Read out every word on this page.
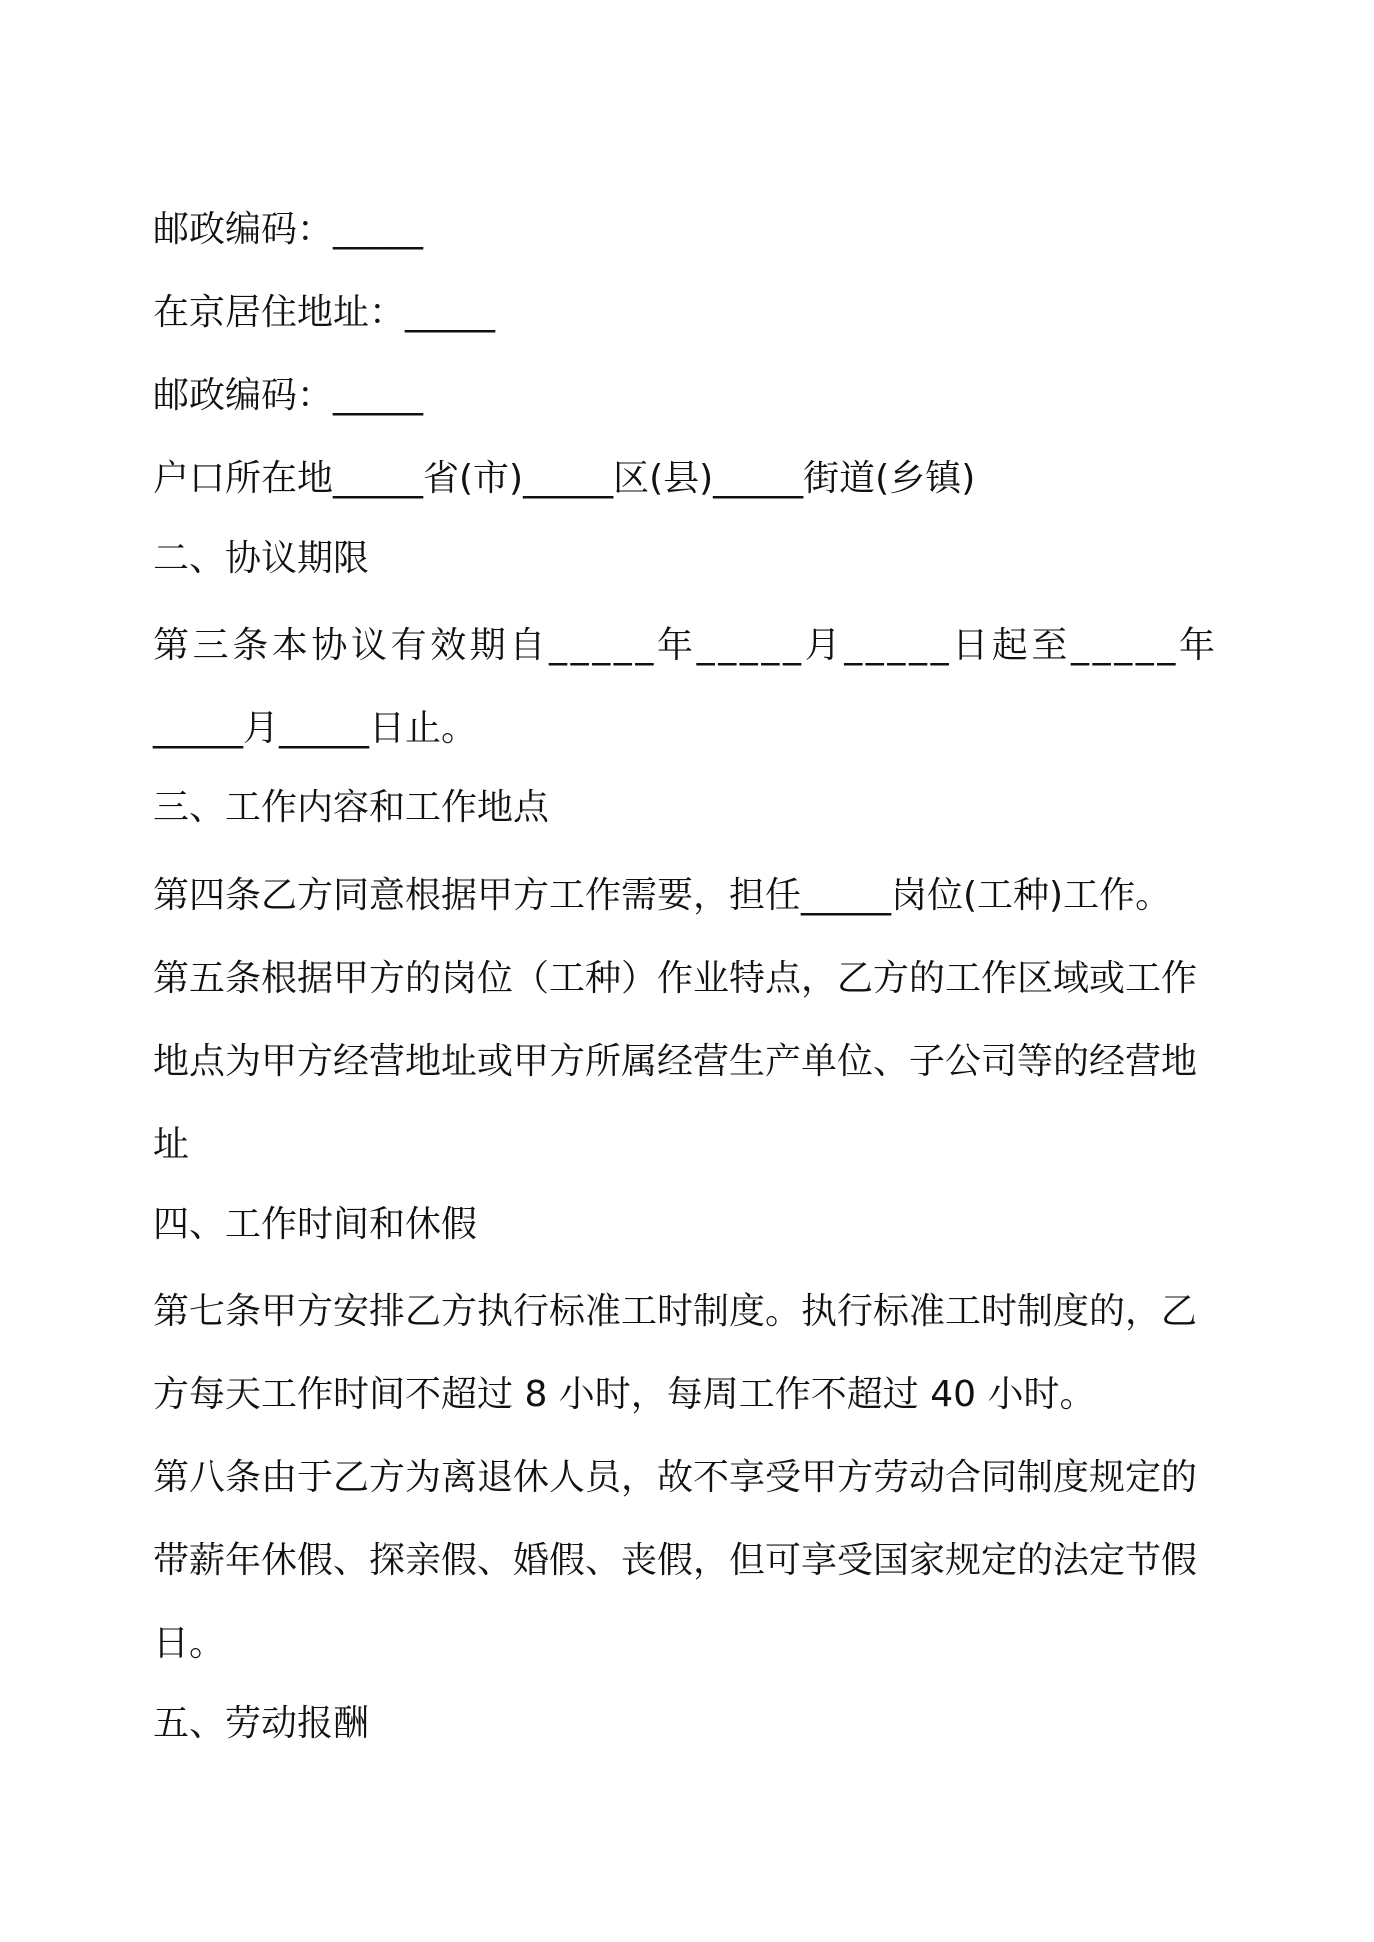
邮政编码：_____

在京居住地址：_____

邮政编码：_____

户口所在地_____省(市)_____区(县)_____街道(乡镇)

二、协议期限

第三条本协议有效期自_____年_____月_____日起至_____年

_____月_____日止。

三、工作内容和工作地点

第四条乙方同意根据甲方工作需要，担任_____岗位(工种)工作。

第五条根据甲方的岗位（工种）作业特点，乙方的工作区域或工作

地点为甲方经营地址或甲方所属经营生产单位、子公司等的经营地

址

四、工作时间和休假

第七条甲方安排乙方执行标准工时制度。执行标准工时制度的，乙

方每天工作时间不超过 8 小时，每周工作不超过 40 小时。

第八条由于乙方为离退休人员，故不享受甲方劳动合同制度规定的

带薪年休假、探亲假、婚假、丧假，但可享受国家规定的法定节假

日。

五、劳动报酬
